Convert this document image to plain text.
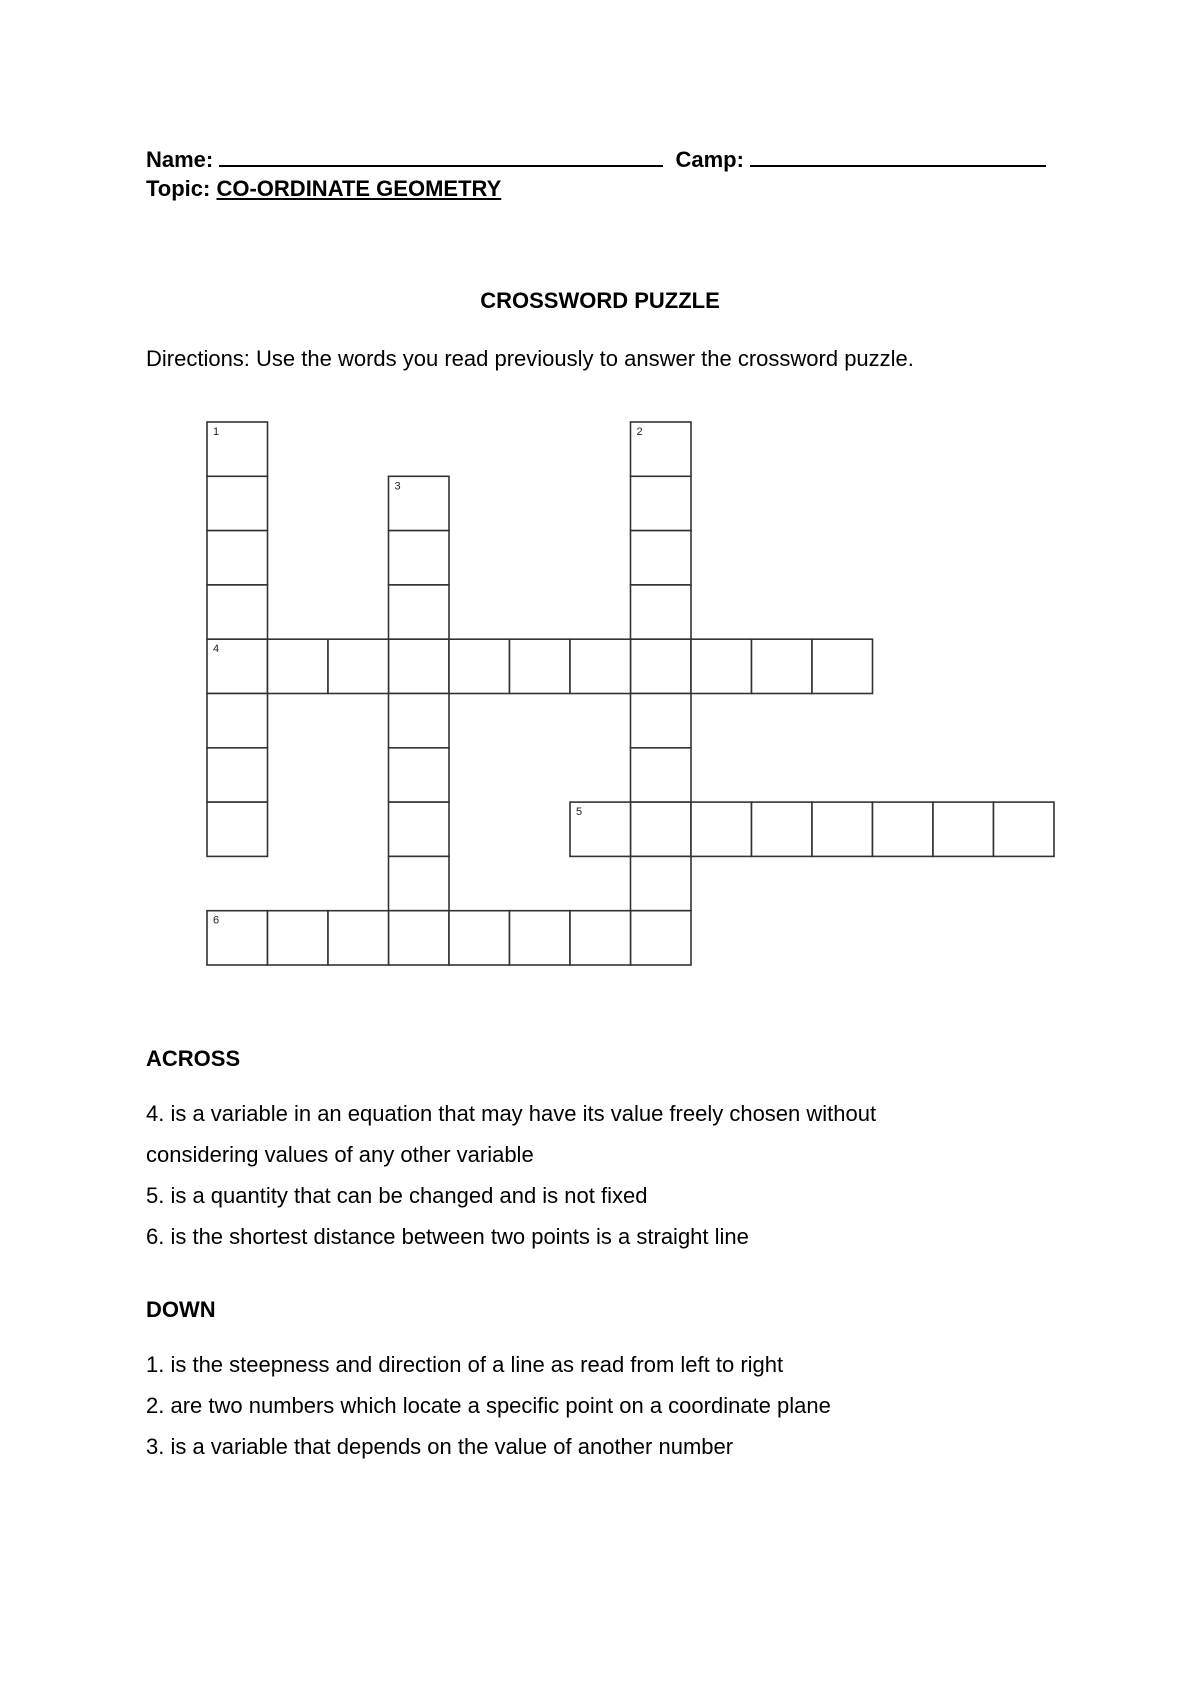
Name:	Camp:
Topic: CO-ORDINATE GEOMETRY
CROSSWORD PUZZLE
Directions: Use the words you read previously to answer the crossword puzzle.
1	2
3
4
5
6
ACROSS
4. is a variable in an equation that may have its value freely chosen without
considering values of any other variable
5. is a quantity that can be changed and is not fixed
6. is the shortest distance between two points is a straight line
DOWN
1. is the steepness and direction of a line as read from left to right
2. are two numbers which locate a specific point on a coordinate plane
3. is a variable that depends on the value of another number
